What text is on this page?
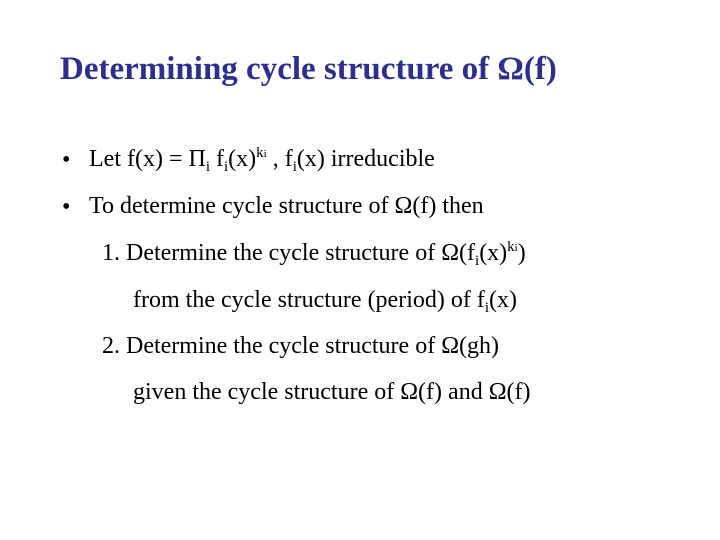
Determining cycle structure of Ω(f)
• Let $f(x) = \Pi_i$ $f_i(x)^{ki}$ , $f_i(x)$ irreducible
• To determine cycle structure of Ω(f) then
1. Determine the cycle structure of $\Omega(f_i(x)^{ki})$
from the cycle structure (period) of $f_i(x)$
2. Determine the cycle structure of Ω(gh)
given the cycle structure of Ω(f) and Ω(f)
